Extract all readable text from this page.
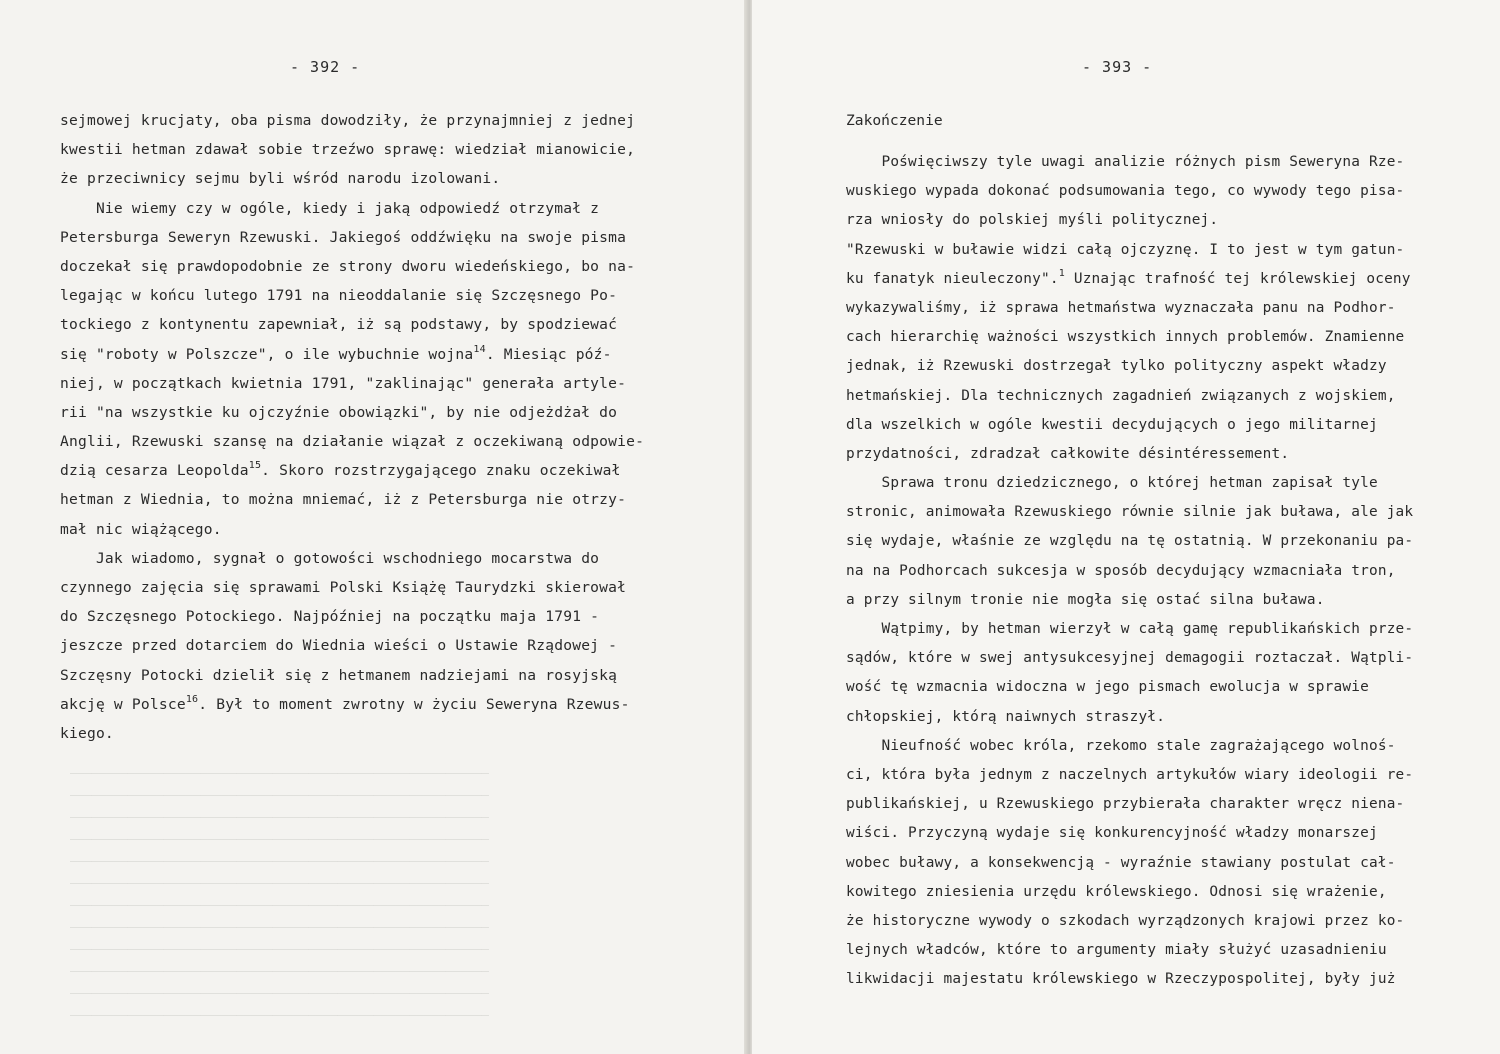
——————————————————————————————————————————————————————————
——————————————————————————————————————————————————————————
——————————————————————————————————————————————————————————
——————————————————————————————————————————————————————————
——————————————————————————————————————————————————————————
——————————————————————————————————————————————————————————
——————————————————————————————————————————————————————————
——————————————————————————————————————————————————————————
——————————————————————————————————————————————————————————
——————————————————————————————————————————————————————————
——————————————————————————————————————————————————————————
——————————————————————————————————————————————————————————
- 392 -
sejmowej krucjaty, oba pisma dowodziły, że przynajmniej z jednej
kwestii hetman zdawał sobie trzeźwo sprawę: wiedział mianowicie,
że przeciwnicy sejmu byli wśród narodu izolowani.
Nie wiemy czy w ogóle, kiedy i jaką odpowiedź otrzymał z
Petersburga Seweryn Rzewuski. Jakiegoś oddźwięku na swoje pisma
doczekał się prawdopodobnie ze strony dworu wiedeńskiego, bo na-
legając w końcu lutego 1791 na nieoddalanie się Szczęsnego Po-
tockiego z kontynentu zapewniał, iż są podstawy, by spodziewać
się "roboty w Polszcze", o ile wybuchnie wojna$^{14}$. Miesiąc póź-
niej, w początkach kwietnia 1791, "zaklinając" generała artyle-
rii "na wszystkie ku ojczyźnie obowiązki", by nie odjeżdżał do
Anglii, Rzewuski szansę na działanie wiązał z oczekiwaną odpowie-
dzią cesarza Leopolda$^{15}$. Skoro rozstrzygającego znaku oczekiwał
hetman z Wiednia, to można mniemać, iż z Petersburga nie otrzy-
mał nic wiążącego.
Jak wiadomo, sygnał o gotowości wschodniego mocarstwa do
czynnego zajęcia się sprawami Polski Książę Taurydzki skierował
do Szczęsnego Potockiego. Najpóźniej na początku maja 1791 -
jeszcze przed dotarciem do Wiednia wieści o Ustawie Rządowej -
Szczęsny Potocki dzielił się z hetmanem nadziejami na rosyjską
akcję w Polsce$^{16}$. Był to moment zwrotny w życiu Seweryna Rzewus-
kiego.
- 393 -
Zakończenie
Poświęciwszy tyle uwagi analizie różnych pism Seweryna Rze-
wuskiego wypada dokonać podsumowania tego, co wywody tego pisa-
rza wniosły do polskiej myśli politycznej.
"Rzewuski w buławie widzi całą ojczyznę. I to jest w tym gatun-
ku fanatyk nieuleczony".$^1$ Uznając trafność tej królewskiej oceny
wykazywaliśmy, iż sprawa hetmaństwa wyznaczała panu na Podhor-
cach hierarchię ważności wszystkich innych problemów. Znamienne
jednak, iż Rzewuski dostrzegał tylko polityczny aspekt władzy
hetmańskiej. Dla technicznych zagadnień związanych z wojskiem,
dla wszelkich w ogóle kwestii decydujących o jego militarnej
przydatności, zdradzał całkowite désintéressement.
Sprawa tronu dziedzicznego, o której hetman zapisał tyle
stronic, animowała Rzewuskiego równie silnie jak buława, ale jak
się wydaje, właśnie ze względu na tę ostatnią. W przekonaniu pa-
na na Podhorcach sukcesja w sposób decydujący wzmacniała tron,
a przy silnym tronie nie mogła się ostać silna buława.
Wątpimy, by hetman wierzył w całą gamę republikańskich prze-
sądów, które w swej antysukcesyjnej demagogii roztaczał. Wątpli-
wość tę wzmacnia widoczna w jego pismach ewolucja w sprawie
chłopskiej, którą naiwnych straszył.
Nieufność wobec króla, rzekomo stale zagrażającego wolnoś-
ci, która była jednym z naczelnych artykułów wiary ideologii re-
publikańskiej, u Rzewuskiego przybierała charakter wręcz niena-
wiści. Przyczyną wydaje się konkurencyjność władzy monarszej
wobec buławy, a konsekwencją - wyraźnie stawiany postulat cał-
kowitego zniesienia urzędu królewskiego. Odnosi się wrażenie,
że historyczne wywody o szkodach wyrządzonych krajowi przez ko-
lejnych władców, które to argumenty miały służyć uzasadnieniu
likwidacji majestatu królewskiego w Rzeczypospolitej, były już
